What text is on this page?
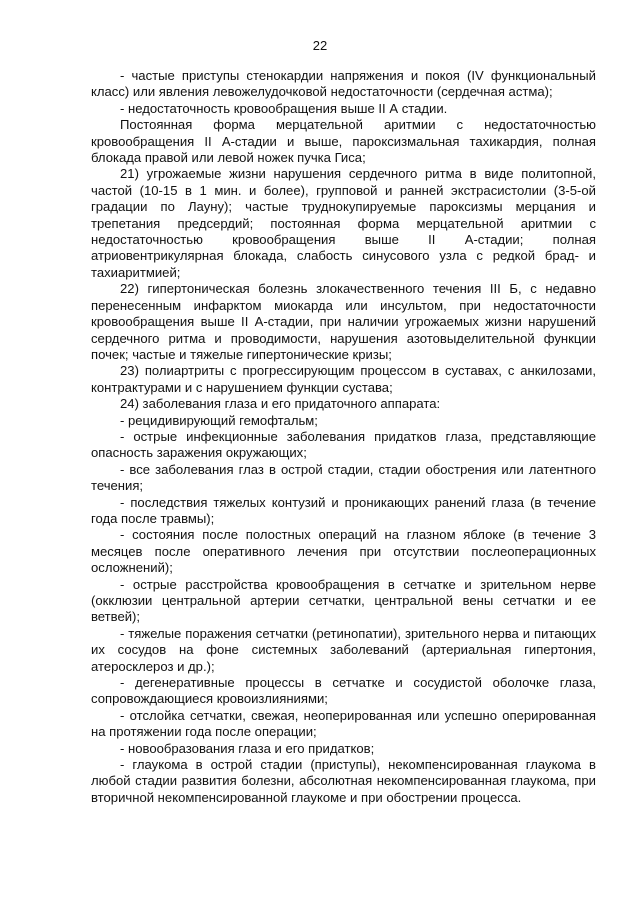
22

- частые приступы стенокардии напряжения и покоя (IV функциональный класс) или явления левожелудочковой недостаточности (сердечная астма);

- недостаточность кровообращения выше II А стадии.

Постоянная форма мерцательной аритмии с недостаточностью кровообращения II А-стадии и выше, пароксизмальная тахикардия, полная блокада правой или левой ножек пучка Гиса;

21) угрожаемые жизни нарушения сердечного ритма в виде политопной, частой (10-15 в 1 мин. и более), групповой и ранней экстрасистолии (3-5-ой градации по Лауну); частые труднокупируемые пароксизмы мерцания и трепетания предсердий; постоянная форма мерцательной аритмии с недостаточностью кровообращения выше II А-стадии; полная атриовентрикулярная блокада, слабость синусового узла с редкой брад- и тахиаритмией;

22) гипертоническая болезнь злокачественного течения III Б, с недавно перенесенным инфарктом миокарда или инсультом, при недостаточности кровообращения выше II А-стадии, при наличии угрожаемых жизни нарушений сердечного ритма и проводимости, нарушения азотовыделительной функции почек; частые и тяжелые гипертонические кризы;

23) полиартриты с прогрессирующим процессом в суставах, с анкилозами, контрактурами и с нарушением функции сустава;

24) заболевания глаза и его придаточного аппарата:

- рецидивирующий гемофтальм;

- острые инфекционные заболевания придатков глаза, представляющие опасность заражения окружающих;

- все заболевания глаз в острой стадии, стадии обострения или латентного течения;

- последствия тяжелых контузий и проникающих ранений глаза (в течение года после травмы);

- состояния после полостных операций на глазном яблоке (в течение 3 месяцев после оперативного лечения при отсутствии послеоперационных осложнений);

- острые расстройства кровообращения в сетчатке и зрительном нерве (окклюзии центральной артерии сетчатки, центральной вены сетчатки и ее ветвей);

- тяжелые поражения сетчатки (ретинопатии), зрительного нерва и питающих их сосудов на фоне системных заболеваний (артериальная гипертония, атеросклероз и др.);

- дегенеративные процессы в сетчатке и сосудистой оболочке глаза, сопровождающиеся кровоизлияниями;

- отслойка сетчатки, свежая, неоперированная или успешно оперированная на протяжении года после операции;

- новообразования глаза и его придатков;

- глаукома в острой стадии (приступы), некомпенсированная глаукома в любой стадии развития болезни, абсолютная некомпенсированная глаукома, при вторичной некомпенсированной глаукоме и при обострении процесса.
